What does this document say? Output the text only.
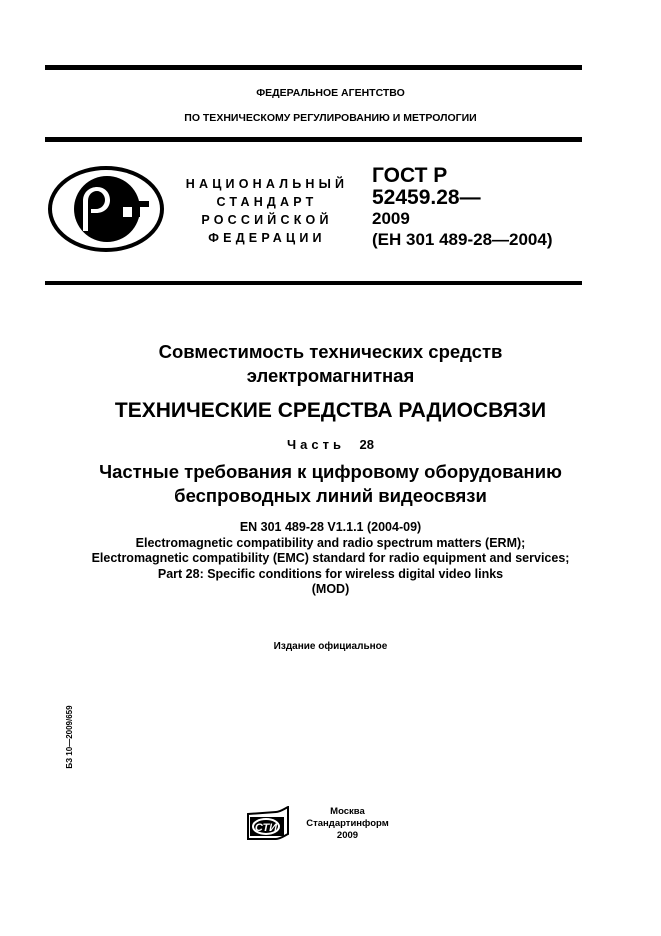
ФЕДЕРАЛЬНОЕ АГЕНТСТВО
ПО ТЕХНИЧЕСКОМУ РЕГУЛИРОВАНИЮ И МЕТРОЛОГИИ
НАЦИОНАЛЬНЫЙ
СТАНДАРТ
РОССИЙСКОЙ
ФЕДЕРАЦИИ
ГОСТ Р
52459.28—
2009
(ЕН 301 489-28—2004)
Совместимость технических средств
электромагнитная
ТЕХНИЧЕСКИЕ СРЕДСТВА РАДИОСВЯЗИ
Часть 28
Частные требования к цифровому оборудованию
беспроводных линий видеосвязи
EN 301 489-28 V1.1.1 (2004-09)
Electromagnetic compatibility and radio spectrum matters (ERM);
Electromagnetic compatibility (EMC) standard for radio equipment and services;
Part 28: Specific conditions for wireless digital video links
(MOD)
Издание официальное
БЗ 10—2009/659
СТИ
Москва
Стандартинформ
2009
